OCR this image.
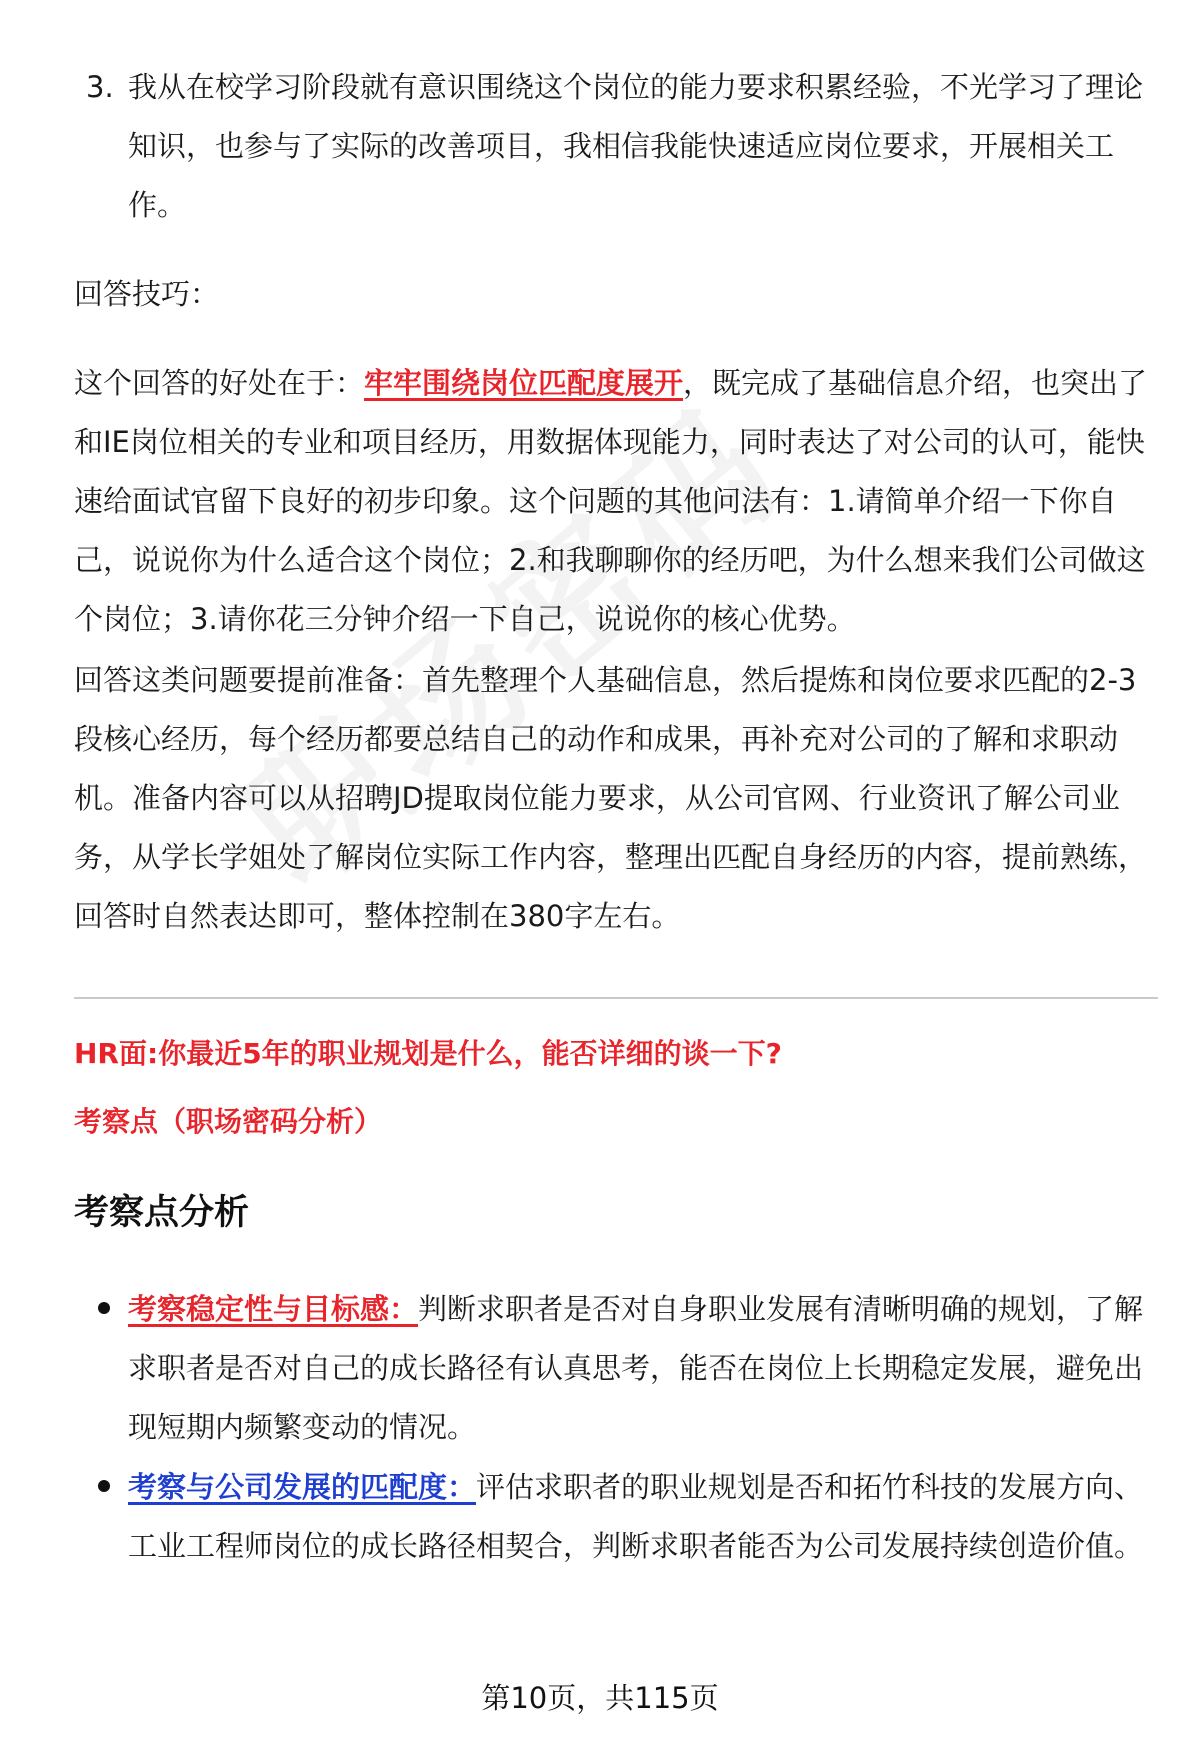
3. 我从在校学习阶段就有意识围绕这个岗位的能力要求积累经验，不光学习了理论知识，也参与了实际的改善项目，我相信我能快速适应岗位要求，开展相关工作。
回答技巧：
这个回答的好处在于：牢牢围绕岗位匹配度展开，既完成了基础信息介绍，也突出了和IE岗位相关的专业和项目经历，用数据体现能力，同时表达了对公司的认可，能快速给面试官留下良好的初步印象。这个问题的其他问法有：1.请简单介绍一下你自己，说说你为什么适合这个岗位；2.和我聊聊你的经历吧，为什么想来我们公司做这个岗位；3.请你花三分钟介绍一下自己，说说你的核心优势。
回答这类问题要提前准备：首先整理个人基础信息，然后提炼和岗位要求匹配的2-3段核心经历，每个经历都要总结自己的动作和成果，再补充对公司的了解和求职动机。准备内容可以从招聘JD提取岗位能力要求，从公司官网、行业资讯了解公司业务，从学长学姐处了解岗位实际工作内容，整理出匹配自身经历的内容，提前熟练，回答时自然表达即可，整体控制在380字左右。
HR面:你最近5年的职业规划是什么，能否详细的谈一下?
考察点（职场密码分析）
考察点分析
考察稳定性与目标感：判断求职者是否对自身职业发展有清晰明确的规划，了解求职者是否对自己的成长路径有认真思考，能否在岗位上长期稳定发展，避免出现短期内频繁变动的情况。
考察与公司发展的匹配度：评估求职者的职业规划是否和拓竹科技的发展方向、工业工程师岗位的成长路径相契合，判断求职者能否为公司发展持续创造价值。
第10页，共115页
